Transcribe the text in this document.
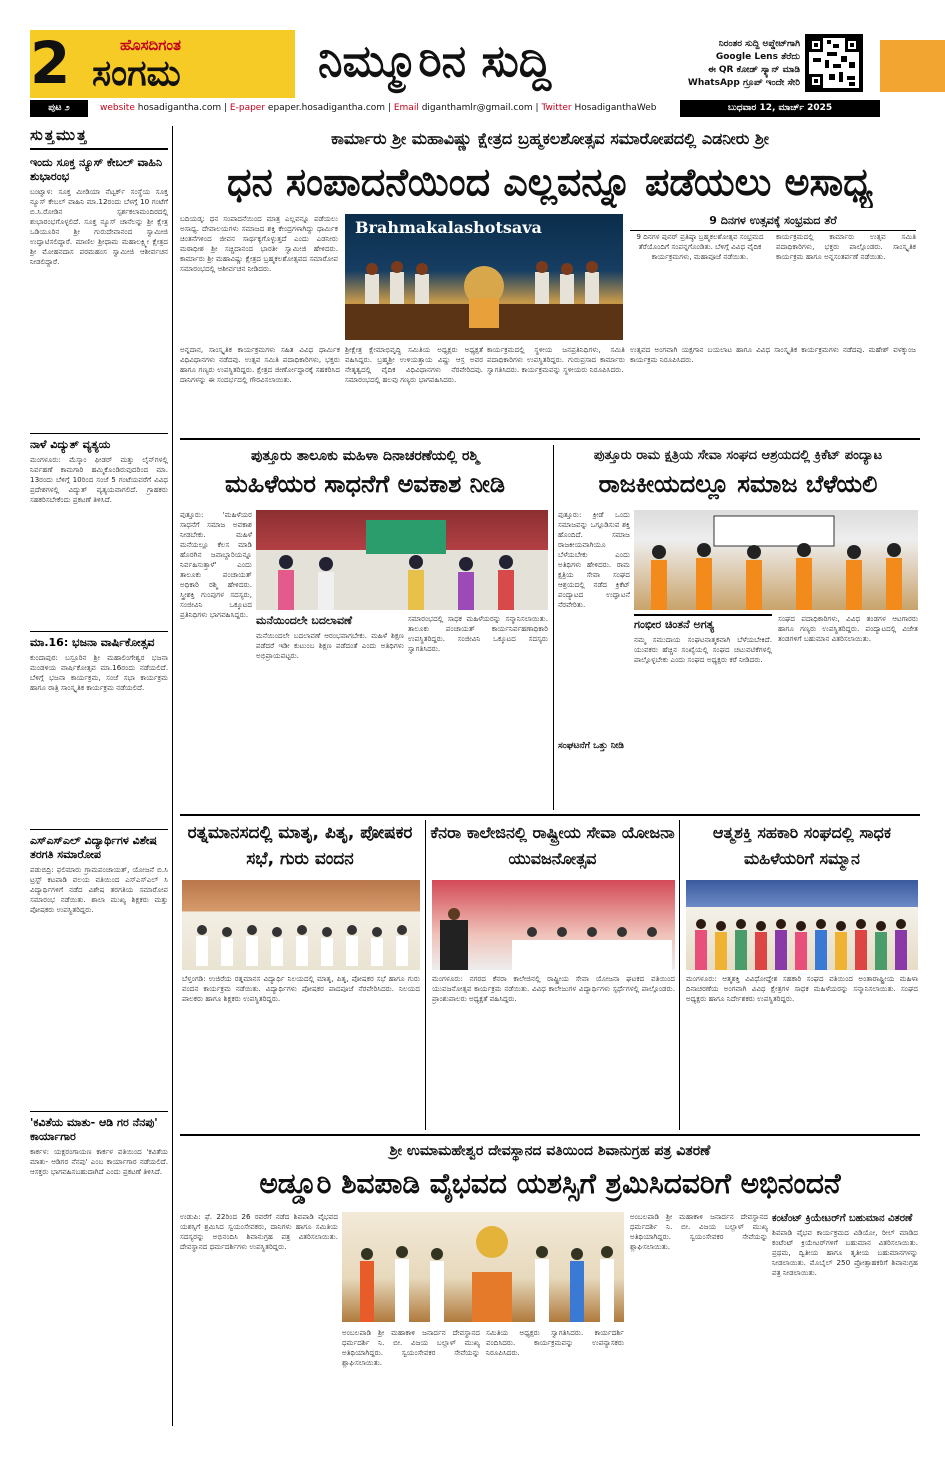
2	ಹೊಸದಿಗಂತ
ಸಂಗಮ	ನಿಮ್ಮೂರಿನ ಸುದ್ದಿ	ನಿರಂತರ ಸುದ್ದಿ ಅಪ್ಡೇಟ್‌ಗಾಗಿ
Google Lens ತೆರೆದು
ಈ QR ಕೋಡ್ ಸ್ಕ್ಯಾನ್ ಮಾಡಿ
WhatsApp ಗ್ರೂಪ್ ಇಂದೇ ಸೇರಿ
ಪುಟ ೨	website hosadigantha.com | E-paper epaper.hosadigantha.com | Email diganthamlr@gmail.com | Twitter HosadiganthaWeb	ಬುಧವಾರ 12, ಮಾರ್ಚ್ 2025
ಸುತ್ತಮುತ್ತ
ಇಂದು ಸೂಕ್ತ ನ್ಯೂಸ್ ಕೇಬಲ್ ವಾಹಿನಿ ಶುಭಾರಂಭ
ಬಂಟ್ವಾಳ: ಸೂಕ್ತ ಮೀಡಿಯಾ ನೆಟ್ವರ್ಕ್ ಸಂಸ್ಥೆಯ ಸೂಕ್ತ ನ್ಯೂಸ್ ಕೇಬಲ್ ವಾಹಿನಿ ಮಾ.12ರಂದು ಬೆಳಗ್ಗೆ 10 ಗಂಟೆಗೆ ಬಿ.ಸಿ.ರೋಡಿನ ಸ್ಪರ್ಶಕಲಾಮಂದಿರದಲ್ಲಿ ಶುಭಾರಂಭಗೊಳ್ಳಲಿದೆ. ಸೂಕ್ತ ನ್ಯೂಸ್ ಚಾನೆಲನ್ನು ಶ್ರೀ ಕ್ಷೇತ್ರ ಒಡಿಯೂರಿನ ಶ್ರೀ ಗುರುದೇವಾನಂದ ಸ್ವಾಮೀಜಿ ಉದ್ಘಾಟಿಸಲಿದ್ದಾರೆ. ಮಾಣಿಲ ಶ್ರೀಧಾಮ ಮಹಾಲಕ್ಷ್ಮೀ ಕ್ಷೇತ್ರದ ಶ್ರೀ ಮೋಹನದಾಸ ಪರಮಹಂಸ ಸ್ವಾಮೀಜಿ ಆಶೀರ್ವಚನ ನೀಡಲಿದ್ದಾರೆ.
ನಾಳೆ ವಿದ್ಯುತ್ ವ್ಯತ್ಯಯ
ಮಂಗಳೂರು: ಮೆಸ್ಕಾಂ ಫೀಡರ್ ಮತ್ತು ಲೈನ್‌ಗಳಲ್ಲಿ ನಿರ್ವಹಣೆ ಕಾಮಗಾರಿ ಹಮ್ಮಿಕೊಂಡಿರುವುದರಿಂದ ಮಾ. 13ರಂದು ಬೆಳಿಗ್ಗೆ 10ರಿಂದ ಸಂಜೆ 5 ಗಂಟೆಯವರೆಗೆ ವಿವಿಧ ಪ್ರದೇಶಗಳಲ್ಲಿ ವಿದ್ಯುತ್ ವ್ಯತ್ಯಯವಾಗಲಿದೆ. ಗ್ರಾಹಕರು ಸಹಕರಿಸಬೇಕೆಂದು ಪ್ರಕಟಣೆ ತಿಳಿಸಿದೆ.
ಮಾ.16: ಭಜನಾ ವಾರ್ಷಿಕೋತ್ಸವ
ಕುಂದಾಪುರ: ಬಸ್ರೂರಿನ ಶ್ರೀ ಮಹಾಲಿಂಗೇಶ್ವರ ಭಜನಾ ಮಂಡಳಿಯ ವಾರ್ಷಿಕೋತ್ಸವ ಮಾ.16ರಂದು ನಡೆಯಲಿದೆ. ಬೆಳಿಗ್ಗೆ ಭಜನಾ ಕಾರ್ಯಕ್ರಮ, ಸಂಜೆ ಸಭಾ ಕಾರ್ಯಕ್ರಮ ಹಾಗೂ ರಾತ್ರಿ ಸಾಂಸ್ಕೃತಿಕ ಕಾರ್ಯಕ್ರಮ ನಡೆಯಲಿದೆ.
ಎಸ್ಎಸ್ಎಲ್ ವಿದ್ಯಾರ್ಥಿಗಳ ವಿಶೇಷ ತರಗತಿ ಸಮಾರೋಪ
ಪಡುಬಿದ್ರಿ: ಫಲಿಮಾರು ಗ್ರಾಮಪಂಚಾಯತ್, ಯೋಜನೆ ಬಿ.ಸಿ ಟ್ರಸ್ಟ್ ಕಟಪಾಡಿ ವಲಯ ವತಿಯಿಂದ ಎಸ್ಎಸ್ಎಲ್ ಸಿ ವಿದ್ಯಾರ್ಥಿಗಳಿಗೆ ನಡೆದ ವಿಶೇಷ ತರಗತಿಯ ಸಮಾರೋಪ ಸಮಾರಂಭ ನಡೆಯಿತು. ಶಾಲಾ ಮುಖ್ಯ ಶಿಕ್ಷಕರು ಮತ್ತು ಪೋಷಕರು ಉಪಸ್ಥಿತರಿದ್ದರು.
'ಕವಿತೆಯ ಮಾತು- ಆಡಿ ಗರ ನೆನಪು' ಕಾರ್ಯಾಗಾರ
ಕಾರ್ಕಳ: ಯಕ್ಷರಂಗಾಯಣ ಕಾರ್ಕಳ ವತಿಯಿಂದ 'ಕವಿತೆಯ ಮಾತು- ಆಡಿಗರ ನೆನಪು' ಎಂಬ ಕಾರ್ಯಾಗಾರ ನಡೆಯಲಿದೆ. ಆಸಕ್ತರು ಭಾಗವಹಿಸಬಹುದಾಗಿದೆ ಎಂದು ಪ್ರಕಟಣೆ ತಿಳಿಸಿದೆ.
ಕಾರ್ಮಾರು ಶ್ರೀ ಮಹಾವಿಷ್ಣು ಕ್ಷೇತ್ರದ ಬ್ರಹ್ಮಕಲಶೋತ್ಸವ ಸಮಾರೋಪದಲ್ಲಿ ಎಡನೀರು ಶ್ರೀ
ಧನ ಸಂಪಾದನೆಯಿಂದ ಎಲ್ಲವನ್ನೂ ಪಡೆಯಲು ಅಸಾಧ್ಯ
ಬದಿಯಡ್ಕ: ಧನ ಸಂಪಾದನೆಯಿಂದ ಮಾತ್ರ ಎಲ್ಲವನ್ನೂ ಪಡೆಯಲು ಅಸಾಧ್ಯ. ದೇವಾಲಯಗಳು ಸಮಾಜದ ಶಕ್ತಿ ಕೇಂದ್ರಗಳಾಗಿದ್ದು ಧಾರ್ಮಿಕ ಚಿಂತನೆಗಳಿಂದ ಜೀವನ ಸಾರ್ಥಕ್ಯಗೊಳ್ಳುತ್ತದೆ ಎಂದು ಎಡನೀರು ಮಠಾಧೀಶ ಶ್ರೀ ಸಚ್ಚಿದಾನಂದ ಭಾರತೀ ಸ್ವಾಮೀಜಿ ಹೇಳಿದರು. ಕಾರ್ಮಾರು ಶ್ರೀ ಮಹಾವಿಷ್ಣು ಕ್ಷೇತ್ರದ ಬ್ರಹ್ಮಕಲಶೋತ್ಸವದ ಸಮಾರೋಪ ಸಮಾರಂಭದಲ್ಲಿ ಆಶೀರ್ವಚನ ನೀಡಿದರು.
Brahmakalashotsava
ಅನ್ನದಾನ, ಸಾಂಸ್ಕೃತಿಕ ಕಾರ್ಯಕ್ರಮಗಳು ಸಹಿತ ವಿವಿಧ ಧಾರ್ಮಿಕ ವಿಧಿವಿಧಾನಗಳು ನಡೆದವು. ಉತ್ಸವ ಸಮಿತಿ ಪದಾಧಿಕಾರಿಗಳು, ಭಕ್ತರು ಹಾಗೂ ಗಣ್ಯರು ಉಪಸ್ಥಿತರಿದ್ದರು. ಕ್ಷೇತ್ರದ ಜೀರ್ಣೋದ್ಧಾರಕ್ಕೆ ಸಹಕರಿಸಿದ ದಾನಿಗಳನ್ನು ಈ ಸಂದರ್ಭದಲ್ಲಿ ಗೌರವಿಸಲಾಯಿತು.
ಶ್ರೀಕ್ಷೇತ್ರ ಕ್ಷೇಮಾಭಿವೃದ್ಧಿ ಸಮಿತಿಯ ಅಧ್ಯಕ್ಷರು ಅಧ್ಯಕ್ಷತೆ ವಹಿಸಿದ್ದರು. ಬ್ರಹ್ಮಶ್ರೀ ಉಳಿಯತ್ತಾಯ ವಿಷ್ಣು ಆಸ್ರ ಅವರ ನೇತೃತ್ವದಲ್ಲಿ ವೈದಿಕ ವಿಧಿವಿಧಾನಗಳು ನೆರವೇರಿದವು. ಸಮಾರಂಭದಲ್ಲಿ ಹಲವು ಗಣ್ಯರು ಭಾಗವಹಿಸಿದರು.
ಕಾರ್ಯಕ್ರಮದಲ್ಲಿ ಸ್ಥಳೀಯ ಜನಪ್ರತಿನಿಧಿಗಳು, ಸಮಿತಿ ಪದಾಧಿಕಾರಿಗಳು ಉಪಸ್ಥಿತರಿದ್ದರು. ಗುರುಪ್ರಸಾದ ಕಾರ್ಮಾರು ಸ್ವಾಗತಿಸಿದರು. ಕಾರ್ಯಕ್ರಮವನ್ನು ಸ್ಥಳೀಯರು ನಿರೂಪಿಸಿದರು.
9 ದಿನಗಳ ಉತ್ಸವಕ್ಕೆ ಸಂಭ್ರಮದ ತೆರೆ
9 ದಿನಗಳ ಪುನರ್ ಪ್ರತಿಷ್ಠಾ ಬ್ರಹ್ಮಕಲಶೋತ್ಸವ ಸಂಭ್ರಮದ ತೆರೆಯೊಂದಿಗೆ ಸಂಪನ್ನಗೊಂಡಿತು. ಬೆಳಿಗ್ಗೆ ವಿವಿಧ ವೈದಿಕ ಕಾರ್ಯಕ್ರಮಗಳು, ಮಹಾಪೂಜೆ ನಡೆಯಿತು.
ಕಾರ್ಯಕ್ರಮದಲ್ಲಿ ಕಾರ್ಮಾರು ಉತ್ಸವ ಸಮಿತಿ ಪದಾಧಿಕಾರಿಗಳು, ಭಕ್ತರು ಪಾಲ್ಗೊಂಡರು. ಸಾಂಸ್ಕೃತಿಕ ಕಾರ್ಯಕ್ರಮ ಹಾಗೂ ಅನ್ನಸಂತರ್ಪಣೆ ನಡೆಯಿತು.
ಉತ್ಸವದ ಅಂಗವಾಗಿ ಯಕ್ಷಗಾನ ಬಯಲಾಟ ಹಾಗೂ ವಿವಿಧ ಸಾಂಸ್ಕೃತಿಕ ಕಾರ್ಯಕ್ರಮಗಳು ನಡೆದವು. ಮಹೇಶ್ ವಳಕ್ಕುಂಜ ಕಾರ್ಯಕ್ರಮ ನಿರೂಪಿಸಿದರು.
ಪುತ್ತೂರು ತಾಲೂಕು ಮಹಿಳಾ ದಿನಾಚರಣೆಯಲ್ಲಿ ರಶ್ಮಿ
ಮಹಿಳೆಯರ ಸಾಧನೆಗೆ ಅವಕಾಶ ನೀಡಿ
ಪುತ್ತೂರು: 'ಮಹಿಳೆಯರ ಸಾಧನೆಗೆ ಸಮಾಜ ಅವಕಾಶ ನೀಡಬೇಕು. ಮಹಿಳೆ ಮನೆಯಲ್ಲೂ ಕೆಲಸ ಮಾಡಿ ಹೊರಗಿನ ಜವಾಬ್ದಾರಿಯನ್ನೂ ನಿರ್ವಹಿಸುತ್ತಾಳೆ' ಎಂದು ತಾಲೂಕು ಪಂಚಾಯತ್ ಅಧಿಕಾರಿ ರಶ್ಮಿ ಹೇಳಿದರು. ಸ್ತ್ರೀಶಕ್ತಿ ಗುಂಪುಗಳ ಸದಸ್ಯರು, ಸಂಜೀವಿನಿ ಒಕ್ಕೂಟದ ಪ್ರತಿನಿಧಿಗಳು ಭಾಗವಹಿಸಿದ್ದರು. ಮನೆಯಿಂದಲೇ ಬದಲಾವಣೆ
ಮನೆಯಿಂದಲೇ ಬದಲಾವಣೆ ಆರಂಭವಾಗಬೇಕು. ಮಹಿಳೆ ಶಿಕ್ಷಣ ಪಡೆದರೆ ಇಡೀ ಕುಟುಂಬ ಶಿಕ್ಷಣ ಪಡೆದಂತೆ ಎಂದು ಅತಿಥಿಗಳು ಅಭಿಪ್ರಾಯಪಟ್ಟರು.
ಸಮಾರಂಭದಲ್ಲಿ ಸಾಧಕ ಮಹಿಳೆಯರನ್ನು ಸನ್ಮಾನಿಸಲಾಯಿತು. ತಾಲೂಕು ಪಂಚಾಯತ್ ಕಾರ್ಯನಿರ್ವಹಣಾಧಿಕಾರಿ ಉಪಸ್ಥಿತರಿದ್ದರು. ಸಂಜೀವಿನಿ ಒಕ್ಕೂಟದ ಸದಸ್ಯರು ಸ್ವಾಗತಿಸಿದರು.
ಪುತ್ತೂರು ರಾಮ ಕ್ಷತ್ರಿಯ ಸೇವಾ ಸಂಘದ ಆಶ್ರಯದಲ್ಲಿ ಕ್ರಿಕೆಟ್ ಪಂದ್ಯಾಟ
ರಾಜಕೀಯದಲ್ಲೂ ಸಮಾಜ ಬೆಳೆಯಲಿ
ಪುತ್ತೂರು: ಕ್ರೀಡೆ ಒಂದು ಸಮಾಜವನ್ನು ಒಗ್ಗೂಡಿಸುವ ಶಕ್ತಿ ಹೊಂದಿದೆ. ಸಮಾಜ ರಾಜಕೀಯವಾಗಿಯೂ ಬೆಳೆಯಬೇಕು ಎಂದು ಅತಿಥಿಗಳು ಹೇಳಿದರು. ರಾಮ ಕ್ಷತ್ರಿಯ ಸೇವಾ ಸಂಘದ ಆಶ್ರಯದಲ್ಲಿ ನಡೆದ ಕ್ರಿಕೆಟ್ ಪಂದ್ಯಾಟದ ಉದ್ಘಾಟನೆ ನೆರವೇರಿತು.
ಸಂಘಟನೆಗೆ ಒತ್ತು ನೀಡಿ
ಗಂಭೀರ ಚಿಂತನೆ ಅಗತ್ಯ
ನಮ್ಮ ಸಮುದಾಯ ಸಂಘಟನಾತ್ಮಕವಾಗಿ ಬೆಳೆಯಬೇಕಿದೆ. ಯುವಕರು ಹೆಚ್ಚಿನ ಸಂಖ್ಯೆಯಲ್ಲಿ ಸಂಘದ ಚಟುವಟಿಕೆಗಳಲ್ಲಿ ಪಾಲ್ಗೊಳ್ಳಬೇಕು ಎಂದು ಸಂಘದ ಅಧ್ಯಕ್ಷರು ಕರೆ ನೀಡಿದರು.
ಸಂಘದ ಪದಾಧಿಕಾರಿಗಳು, ವಿವಿಧ ತಂಡಗಳ ಆಟಗಾರರು ಹಾಗೂ ಗಣ್ಯರು ಉಪಸ್ಥಿತರಿದ್ದರು. ಪಂದ್ಯಾಟದಲ್ಲಿ ವಿಜೇತ ತಂಡಗಳಿಗೆ ಬಹುಮಾನ ವಿತರಿಸಲಾಯಿತು.
ರತ್ನಮಾನಸದಲ್ಲಿ ಮಾತೃ, ಪಿತೃ, ಪೋಷಕರ ಸಭೆ, ಗುರು ವಂದನ
ಬೆಳ್ತಂಗಡಿ: ಉಜಿರೆಯ ರತ್ನಮಾನಸ ವಿದ್ಯಾರ್ಥಿ ನಿಲಯದಲ್ಲಿ ಮಾತೃ, ಪಿತೃ, ಪೋಷಕರ ಸಭೆ ಹಾಗೂ ಗುರು ವಂದನ ಕಾರ್ಯಕ್ರಮ ನಡೆಯಿತು. ವಿದ್ಯಾರ್ಥಿಗಳು ಪೋಷಕರ ಪಾದಪೂಜೆ ನೆರವೇರಿಸಿದರು. ನಿಲಯದ ಪಾಲಕರು ಹಾಗೂ ಶಿಕ್ಷಕರು ಉಪಸ್ಥಿತರಿದ್ದರು.
ಕೆನರಾ ಕಾಲೇಜಿನಲ್ಲಿ ರಾಷ್ಟ್ರೀಯ ಸೇವಾ ಯೋಜನಾ ಯುವಜನೋತ್ಸವ
ಮಂಗಳೂರು: ನಗರದ ಕೆನರಾ ಕಾಲೇಜಿನಲ್ಲಿ ರಾಷ್ಟ್ರೀಯ ಸೇವಾ ಯೋಜನಾ ಘಟಕದ ವತಿಯಿಂದ ಯುವಜನೋತ್ಸವ ಕಾರ್ಯಕ್ರಮ ನಡೆಯಿತು. ವಿವಿಧ ಕಾಲೇಜುಗಳ ವಿದ್ಯಾರ್ಥಿಗಳು ಸ್ಪರ್ಧೆಗಳಲ್ಲಿ ಪಾಲ್ಗೊಂಡರು. ಪ್ರಾಂಶುಪಾಲರು ಅಧ್ಯಕ್ಷತೆ ವಹಿಸಿದ್ದರು.
ಆತ್ಮಶಕ್ತಿ ಸಹಕಾರಿ ಸಂಘದಲ್ಲಿ ಸಾಧಕ ಮಹಿಳೆಯರಿಗೆ ಸಮ್ಮಾನ
ಮಂಗಳೂರು: ಆತ್ಮಶಕ್ತಿ ವಿವಿಧೋದ್ದೇಶ ಸಹಕಾರಿ ಸಂಘದ ವತಿಯಿಂದ ಅಂತಾರಾಷ್ಟ್ರೀಯ ಮಹಿಳಾ ದಿನಾಚರಣೆಯ ಅಂಗವಾಗಿ ವಿವಿಧ ಕ್ಷೇತ್ರಗಳ ಸಾಧಕ ಮಹಿಳೆಯರನ್ನು ಸನ್ಮಾನಿಸಲಾಯಿತು. ಸಂಘದ ಅಧ್ಯಕ್ಷರು ಹಾಗೂ ನಿರ್ದೇಶಕರು ಉಪಸ್ಥಿತರಿದ್ದರು.
ಶ್ರೀ ಉಮಾಮಹೇಶ್ವರ ದೇವಸ್ಥಾನದ ವತಿಯಿಂದ ಶಿವಾನುಗ್ರಹ ಪತ್ರ ವಿತರಣೆ
ಅಡ್ಡೂರಿ ಶಿವಪಾಡಿ ವೈಭವದ ಯಶಸ್ಸಿಗೆ ಶ್ರಮಿಸಿದವರಿಗೆ ಅಭಿನಂದನೆ
ಉಡುಪಿ: ಫೆ. 22ರಿಂದ 26 ರವರೆಗೆ ನಡೆದ ಶಿವಪಾಡಿ ವೈಭವದ ಯಶಸ್ಸಿಗೆ ಶ್ರಮಿಸಿದ ಸ್ವಯಂಸೇವಕರು, ದಾನಿಗಳು ಹಾಗೂ ಸಮಿತಿಯ ಸದಸ್ಯರನ್ನು ಅಭಿನಂದಿಸಿ ಶಿವಾನುಗ್ರಹ ಪತ್ರ ವಿತರಿಸಲಾಯಿತು. ದೇವಸ್ಥಾನದ ಧರ್ಮದರ್ಶಿಗಳು ಉಪಸ್ಥಿತರಿದ್ದರು.
ಅಂಬಲಪಾಡಿ ಶ್ರೀ ಮಹಾಕಾಳಿ ಜನಾರ್ದನ ದೇವಸ್ಥಾನದ ಧರ್ಮದರ್ಶಿ ನಿ. ಬೀ. ವಿಜಯ ಬಲ್ಲಾಳ್ ಮುಖ್ಯ ಅತಿಥಿಯಾಗಿದ್ದರು. ಸ್ವಯಂಸೇವಕರ ಸೇವೆಯನ್ನು ಶ್ಲಾಘಿಸಲಾಯಿತು.
ಸಮಿತಿಯ ಅಧ್ಯಕ್ಷರು ಸ್ವಾಗತಿಸಿದರು. ಕಾರ್ಯದರ್ಶಿ ವಂದಿಸಿದರು. ಕಾರ್ಯಕ್ರಮವನ್ನು ಉಪನ್ಯಾಸಕರು ನಿರೂಪಿಸಿದರು.
ಅಂಬಲಪಾಡಿ ಶ್ರೀ ಮಹಾಕಾಳಿ ಜನಾರ್ದನ ದೇವಸ್ಥಾನದ ಧರ್ಮದರ್ಶಿ ನಿ. ಬೀ. ವಿಜಯ ಬಲ್ಲಾಳ್ ಮುಖ್ಯ ಅತಿಥಿಯಾಗಿದ್ದರು. ಸ್ವಯಂಸೇವಕರ ಸೇವೆಯನ್ನು ಶ್ಲಾಘಿಸಲಾಯಿತು.
ಕಂಟೆಂಟ್ ಕ್ರಿಯೇಟರ್‌ಗೆ ಬಹುಮಾನ ವಿತರಣೆ
ಶಿವಪಾಡಿ ವೈಭವ ಕಾರ್ಯಕ್ರಮದ ವಿಡಿಯೋ, ರೀಲ್ ಮಾಡಿದ ಕಂಟೆಂಟ್ ಕ್ರಿಯೇಟರ್‌ಗಳಿಗೆ ಬಹುಮಾನ ವಿತರಿಸಲಾಯಿತು. ಪ್ರಥಮ, ದ್ವಿತೀಯ ಹಾಗೂ ತೃತೀಯ ಬಹುಮಾನಗಳನ್ನು ನೀಡಲಾಯಿತು. ಮೊಬೈಲ್ 250 ಪ್ರೋತ್ಸಾಹಕರಿಗೆ ಶಿವಾನುಗ್ರಹ ಪತ್ರ ನೀಡಲಾಯಿತು.
